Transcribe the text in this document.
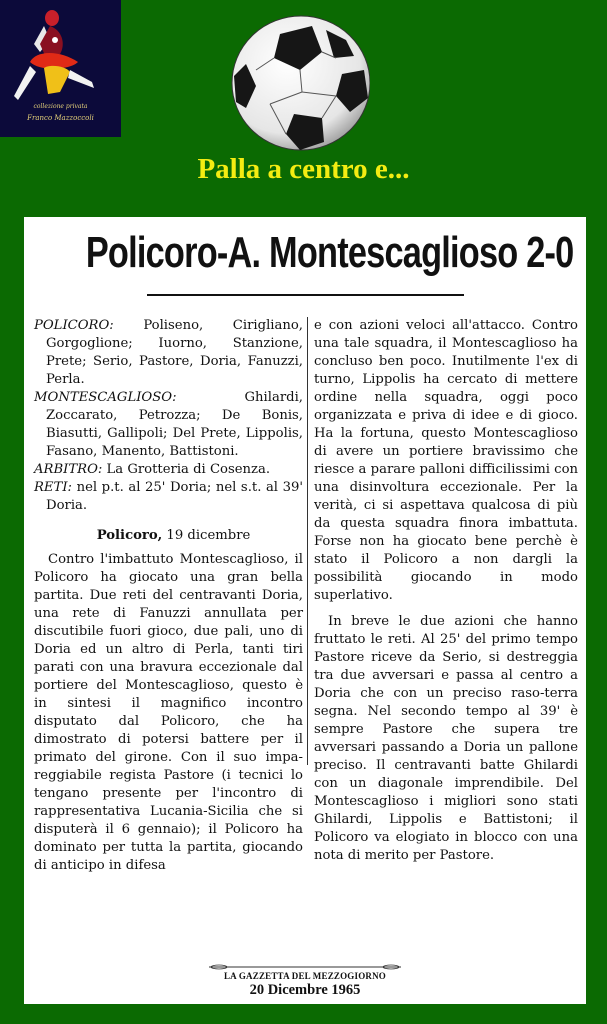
collezione privata
Franco Mazzoccoli
Palla a centro e...
Policoro-A. Montescaglioso 2-0

POLICORO: Poliseno, Cirigliano, Gorgoglione; Iuorno, Stanzione, Prete; Serio, Pastore, Doria, Fanuzzi, Perla.

MONTESCAGLIOSO: Ghilardi, Zoccarato, Petrozza; De Bonis, Biasutti, Gallipoli; Del Prete, Lippolis, Fasano, Manento, Battistoni.

ARBITRO: La Grotteria di Cosenza.

RETI: nel p.t. al 25' Doria; nel s.t. al 39' Doria.

Policoro, 19 dicembre

Contro l'imbattuto Montescaglioso, il Policoro ha giocato una gran bella partita. Due reti del centravanti Doria, una rete di Fanuzzi annullata per discutibile fuori gioco, due pali, uno di Doria ed un altro di Perla, tanti tiri parati con una bravura eccezionale dal portiere del Montescaglioso, questo è in sintesi il magnifico incontro disputato dal Policoro, che ha dimostrato di potersi battere per il primato del girone. Con il suo impareggiabile regista Pastore (i tecnici lo tengano presente per l'incontro di rappresentativa Lucania-Sicilia che si disputerà il 6 gennaio); il Policoro ha dominato per tutta la partita, giocando di anticipo in difesa

e con azioni veloci all'attacco. Contro una tale squadra, il Montescaglioso ha concluso ben poco. Inutilmente l'ex di turno, Lippolis ha cercato di mettere ordine nella squadra, oggi poco organizzata e priva di idee e di gioco. Ha la fortuna, questo Montescaglioso di avere un portiere bravissimo che riesce a parare palloni difficilissimi con una disinvoltura eccezionale. Per la verità, ci si aspettava qualcosa di più da questa squadra finora imbattuta. Forse non ha giocato bene perchè è stato il Policoro a non dargli la possibilità giocando in modo superlativo.

In breve le due azioni che hanno fruttato le reti. Al 25' del primo tempo Pastore riceve da Serio, si destreggia tra due avversari e passa al centro a Doria che con un preciso raso-terra segna. Nel secondo tempo al 39' è sempre Pastore che supera tre avversari passando a Doria un pallone preciso. Il centravanti batte Ghilardi con un diagonale imprendibile. Del Montescaglioso i migliori sono stati Ghilardi, Lippolis e Battistoni; il Policoro va elogiato in blocco con una nota di merito per Pastore.

LA GAZZETTA DEL MEZZOGIORNO
20 Dicembre 1965
